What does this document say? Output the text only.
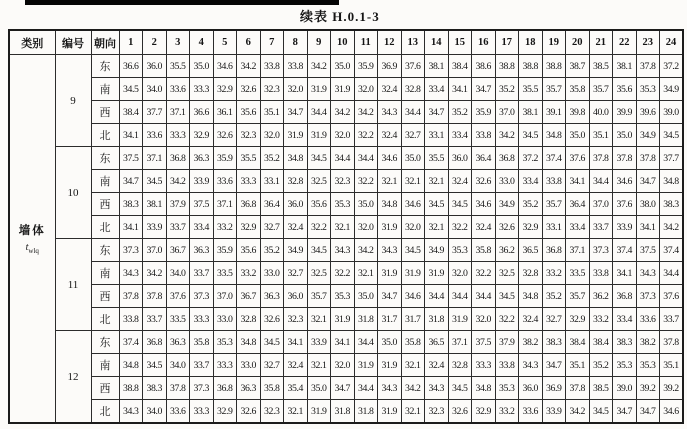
续表 H.0.1-3
类别	编号	朝向	1	2	3	4	5	6	7	8	9	10	11	12	13	14	15	16	17	18	19	20	21	22	23	24

墙体
$t_{wlq}$	9	东	36.6	36.0	35.5	35.0	34.6	34.2	33.8	33.8	34.2	35.0	35.9	36.9	37.6	38.1	38.4	38.6	38.8	38.8	38.8	38.7	38.5	38.1	37.8	37.2
		南	34.5	34.0	33.6	33.3	32.9	32.6	32.3	32.0	31.9	31.9	32.0	32.4	32.8	33.4	34.1	34.7	35.2	35.5	35.7	35.8	35.7	35.6	35.3	34.9
		西	38.4	37.7	37.1	36.6	36.1	35.6	35.1	34.7	34.4	34.2	34.2	34.3	34.4	34.7	35.2	35.9	37.0	38.1	39.1	39.8	40.0	39.9	39.6	39.0
		北	34.1	33.6	33.3	32.9	32.6	32.3	32.0	31.9	31.9	32.0	32.2	32.4	32.7	33.1	33.4	33.8	34.2	34.5	34.8	35.0	35.1	35.0	34.9	34.5
	10	东	37.5	37.1	36.8	36.3	35.9	35.5	35.2	34.8	34.5	34.4	34.4	34.6	35.0	35.5	36.0	36.4	36.8	37.2	37.4	37.6	37.8	37.8	37.8	37.7
		南	34.7	34.5	34.2	33.9	33.6	33.3	33.1	32.8	32.5	32.3	32.2	32.1	32.1	32.1	32.4	32.6	33.0	33.4	33.8	34.1	34.4	34.6	34.7	34.8
		西	38.3	38.1	37.9	37.5	37.1	36.8	36.4	36.0	35.6	35.3	35.0	34.8	34.6	34.5	34.5	34.6	34.9	35.2	35.7	36.4	37.0	37.6	38.0	38.3
		北	34.1	33.9	33.7	33.4	33.2	32.9	32.7	32.4	32.2	32.1	32.0	31.9	32.0	32.1	32.2	32.4	32.6	32.9	33.1	33.4	33.7	33.9	34.1	34.2
	11	东	37.3	37.0	36.7	36.3	35.9	35.6	35.2	34.9	34.5	34.3	34.2	34.3	34.5	34.9	35.3	35.8	36.2	36.5	36.8	37.1	37.3	37.4	37.5	37.4
		南	34.3	34.2	34.0	33.7	33.5	33.2	33.0	32.7	32.5	32.2	32.1	31.9	31.9	31.9	32.0	32.2	32.5	32.8	33.2	33.5	33.8	34.1	34.3	34.4
		西	37.8	37.8	37.6	37.3	37.0	36.7	36.3	36.0	35.7	35.3	35.0	34.7	34.6	34.4	34.4	34.4	34.5	34.8	35.2	35.7	36.2	36.8	37.3	37.6
		北	33.8	33.7	33.5	33.3	33.0	32.8	32.6	32.3	32.1	31.9	31.8	31.7	31.7	31.8	31.9	32.0	32.2	32.4	32.7	32.9	33.2	33.4	33.6	33.7
	12	东	37.4	36.8	36.3	35.8	35.3	34.8	34.5	34.1	33.9	34.1	34.4	35.0	35.8	36.5	37.1	37.5	37.9	38.2	38.3	38.4	38.4	38.3	38.2	37.8
		南	34.8	34.5	34.0	33.7	33.3	33.0	32.7	32.4	32.1	32.0	31.9	31.9	32.1	32.4	32.8	33.3	33.8	34.3	34.7	35.1	35.2	35.3	35.3	35.1
		西	38.8	38.3	37.8	37.3	36.8	36.3	35.8	35.4	35.0	34.7	34.4	34.3	34.2	34.3	34.5	34.8	35.3	36.0	36.9	37.8	38.5	39.0	39.2	39.2
		北	34.3	34.0	33.6	33.3	32.9	32.6	32.3	32.1	31.9	31.8	31.8	31.9	32.1	32.3	32.6	32.9	33.2	33.6	33.9	34.2	34.5	34.7	34.7	34.6
